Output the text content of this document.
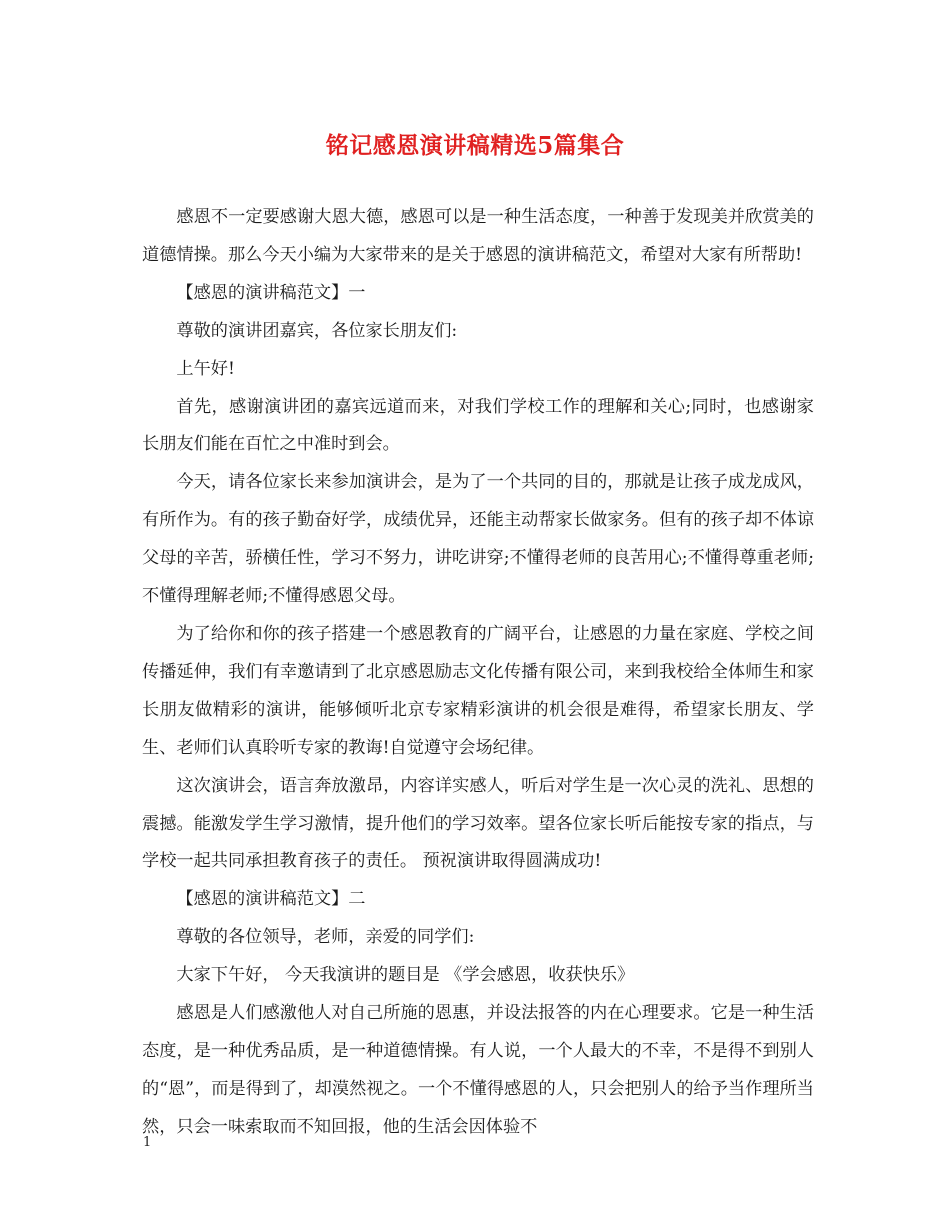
铭记感恩演讲稿精选5篇集合

感恩不一定要感谢大恩大德，感恩可以是一种生活态度，一种善于发现美并欣赏美的道德情操。那么今天小编为大家带来的是关于感恩的演讲稿范文，希望对大家有所帮助!

【感恩的演讲稿范文】一

尊敬的演讲团嘉宾，各位家长朋友们:

上午好!

首先，感谢演讲团的嘉宾远道而来，对我们学校工作的理解和关心;同时，也感谢家长朋友们能在百忙之中准时到会。

今天，请各位家长来参加演讲会，是为了一个共同的目的，那就是让孩子成龙成风，有所作为。有的孩子勤奋好学，成绩优异，还能主动帮家长做家务。但有的孩子却不体谅父母的辛苦，骄横任性，学习不努力，讲吃讲穿;不懂得老师的良苦用心;不懂得尊重老师;不懂得理解老师;不懂得感恩父母。

为了给你和你的孩子搭建一个感恩教育的广阔平台，让感恩的力量在家庭、学校之间传播延伸，我们有幸邀请到了北京感恩励志文化传播有限公司，来到我校给全体师生和家长朋友做精彩的演讲，能够倾听北京专家精彩演讲的机会很是难得，希望家长朋友、学生、老师们认真聆听专家的教诲!自觉遵守会场纪律。

这次演讲会，语言奔放激昂，内容详实感人，听后对学生是一次心灵的洗礼、思想的震撼。能激发学生学习激情，提升他们的学习效率。望各位家长听后能按专家的指点，与学校一起共同承担教育孩子的责任。 预祝演讲取得圆满成功!

【感恩的演讲稿范文】二

尊敬的各位领导，老师，亲爱的同学们:

大家下午好， 今天我演讲的题目是 《学会感恩，收获快乐》

感恩是人们感激他人对自己所施的恩惠，并设法报答的内在心理要求。它是一种生活态度，是一种优秀品质，是一种道德情操。有人说，一个人最大的不幸，不是得不到别人的“恩”，而是得到了，却漠然视之。一个不懂得感恩的人，只会把别人的给予当作理所当然，只会一味索取而不知回报，他的生活会因体验不

1
